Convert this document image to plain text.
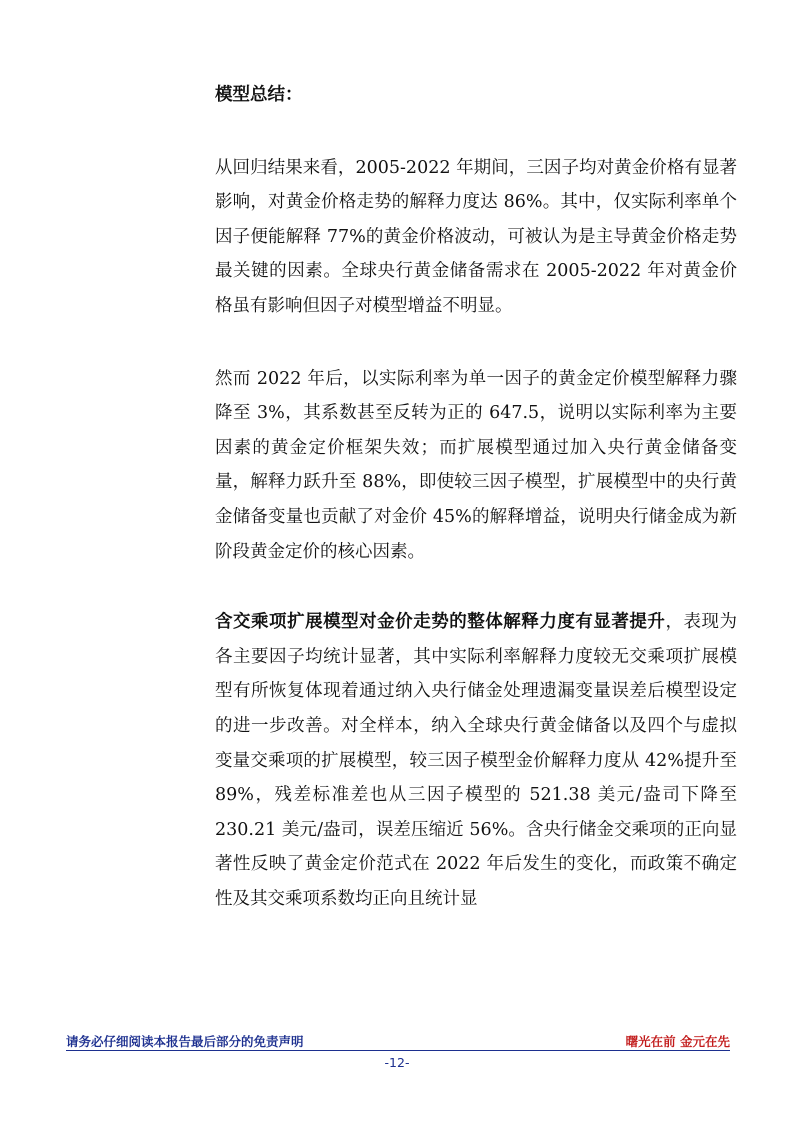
模型总结：

从回归结果来看，2005-2022 年期间，三因子均对黄金价格有显著影响，对黄金价格走势的解释力度达 86%。其中，仅实际利率单个因子便能解释 77%的黄金价格波动，可被认为是主导黄金价格走势最关键的因素。全球央行黄金储备需求在 2005-2022 年对黄金价格虽有影响但因子对模型增益不明显。

然而 2022 年后，以实际利率为单一因子的黄金定价模型解释力骤降至 3%，其系数甚至反转为正的 647.5，说明以实际利率为主要因素的黄金定价框架失效；而扩展模型通过加入央行黄金储备变量，解释力跃升至 88%，即使较三因子模型，扩展模型中的央行黄金储备变量也贡献了对金价 45%的解释增益，说明央行储金成为新阶段黄金定价的核心因素。

含交乘项扩展模型对金价走势的整体解释力度有显著提升，表现为各主要因子均统计显著，其中实际利率解释力度较无交乘项扩展模型有所恢复体现着通过纳入央行储金处理遗漏变量误差后模型设定的进一步改善。对全样本，纳入全球央行黄金储备以及四个与虚拟变量交乘项的扩展模型，较三因子模型金价解释力度从 42%提升至 89%，残差标准差也从三因子模型的 521.38 美元/盎司下降至 230.21 美元/盎司，误差压缩近 56%。含央行储金交乘项的正向显著性反映了黄金定价范式在 2022 年后发生的变化，而政策不确定性及其交乘项系数均正向且统计显

请务必仔细阅读本报告最后部分的免责声明	曙光在前 金元在先
-12-
